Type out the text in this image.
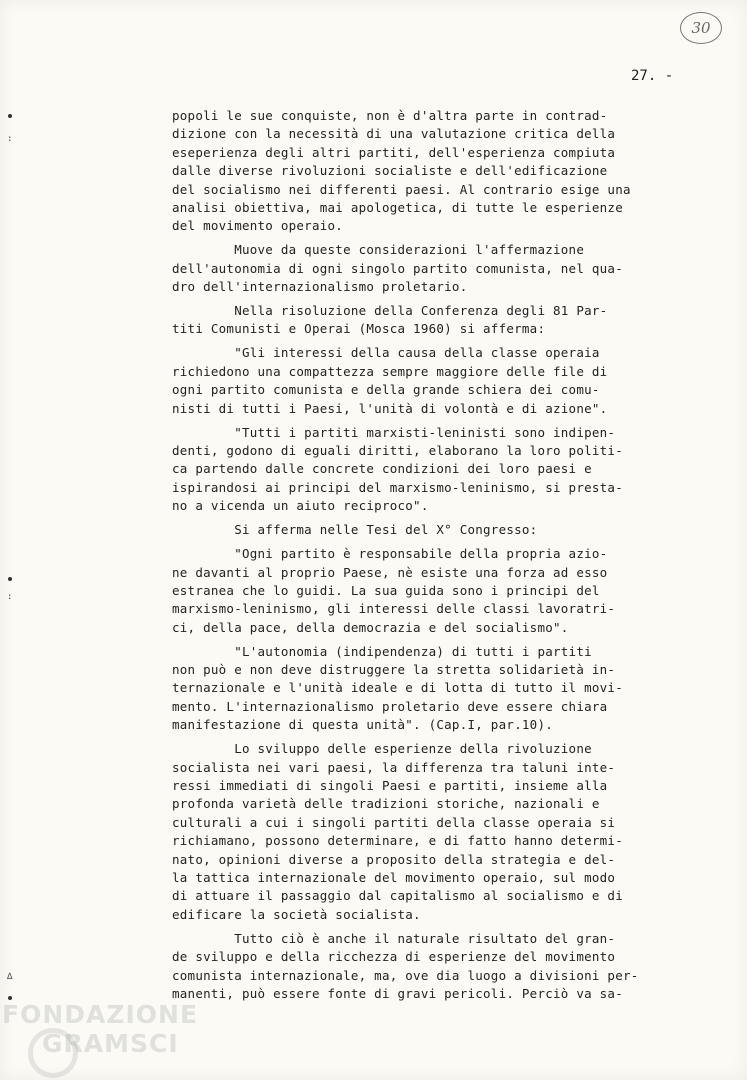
30
27. -
:
:
∆
popoli le sue conquiste, non è d'altra parte in contrad-
dizione con la necessità di una valutazione critica della
eseperienza degli altri partiti, dell'esperienza compiuta
dalle diverse rivoluzioni socialiste e dell'edificazione
del socialismo nei differenti paesi. Al contrario esige una
analisi obiettiva, mai apologetica, di tutte le esperienze
del movimento operaio.
Muove da queste considerazioni l'affermazione
dell'autonomia di ogni singolo partito comunista, nel qua-
dro dell'internazionalismo proletario.
Nella risoluzione della Conferenza degli 81 Par-
titi Comunisti e Operai (Mosca 1960) si afferma:
"Gli interessi della causa della classe operaia
richiedono una compattezza sempre maggiore delle file di
ogni partito comunista e della grande schiera dei comu-
nisti di tutti i Paesi, l'unità di volontà e di azione".
"Tutti i partiti marxisti-leninisti sono indipen-
denti, godono di eguali diritti, elaborano la loro politi-
ca partendo dalle concrete condizioni dei loro paesi e
ispirandosi ai principi del marxismo-leninismo, si presta-
no a vicenda un aiuto reciproco".
Si afferma nelle Tesi del X° Congresso:
"Ogni partito è responsabile della propria azio-
ne davanti al proprio Paese, nè esiste una forza ad esso
estranea che lo guidi. La sua guida sono i principi del
marxismo-leninismo, gli interessi delle classi lavoratri-
ci, della pace, della democrazia e del socialismo".
"L'autonomia (indipendenza) di tutti i partiti
non può e non deve distruggere la stretta solidarietà in-
ternazionale e l'unità ideale e di lotta di tutto il movi-
mento. L'internazionalismo proletario deve essere chiara
manifestazione di questa unità". (Cap.I, par.10).
Lo sviluppo delle esperienze della rivoluzione
socialista nei vari paesi, la differenza tra taluni inte-
ressi immediati di singoli Paesi e partiti, insieme alla
profonda varietà delle tradizioni storiche, nazionali e
culturali a cui i singoli partiti della classe operaia si
richiamano, possono determinare, e di fatto hanno determi-
nato, opinioni diverse a proposito della strategia e del-
la tattica internazionale del movimento operaio, sul modo
di attuare il passaggio dal capitalismo al socialismo e di
edificare la società socialista.
Tutto ciò è anche il naturale risultato del gran-
de sviluppo e della ricchezza di esperienze del movimento
comunista internazionale, ma, ove dia luogo a divisioni per-
manenti, può essere fonte di gravi pericoli. Perciò va sa-
FONDAZIONE
GRAMSCI
